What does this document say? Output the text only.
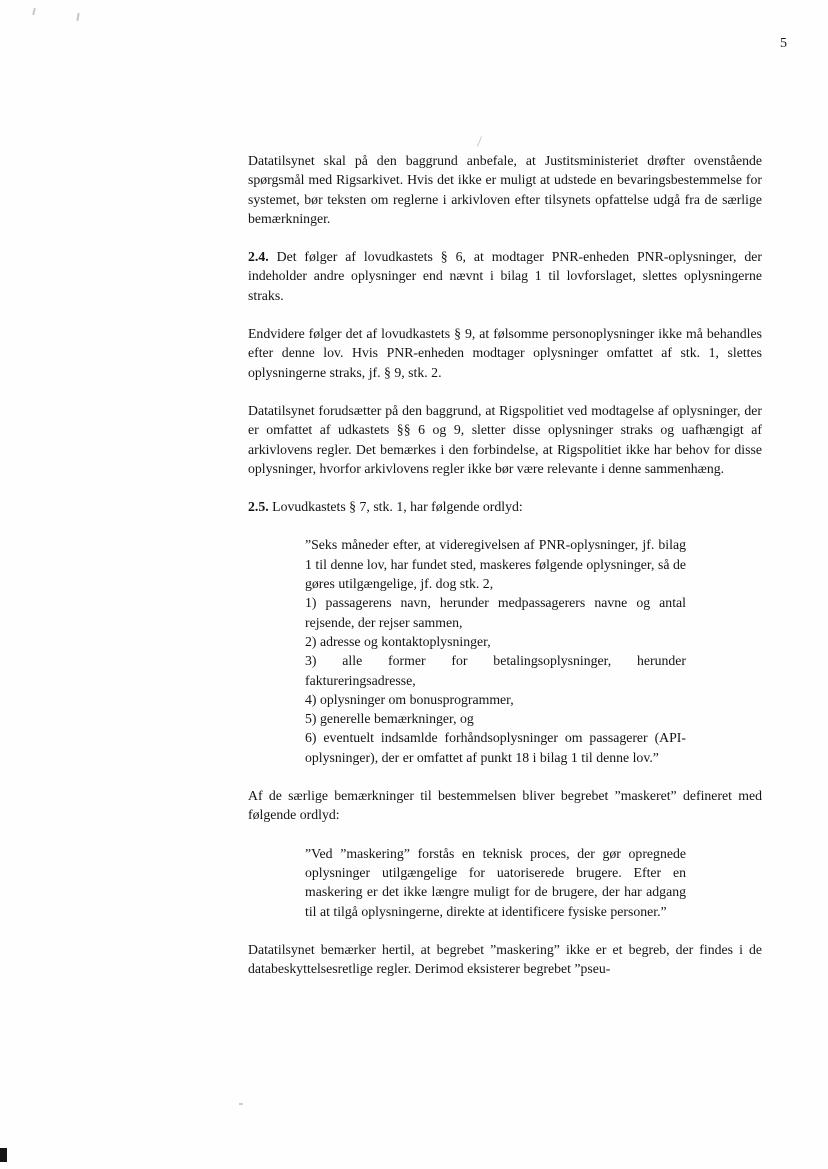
5

Datatilsynet skal på den baggrund anbefale, at Justitsministeriet drøfter ovenstående spørgsmål med Rigsarkivet. Hvis det ikke er muligt at udstede en bevaringsbestemmelse for systemet, bør teksten om reglerne i arkivloven efter tilsynets opfattelse udgå fra de særlige bemærkninger.

2.4. Det følger af lovudkastets § 6, at modtager PNR-enheden PNR-oplysninger, der indeholder andre oplysninger end nævnt i bilag 1 til lovforslaget, slettes oplysningerne straks.

Endvidere følger det af lovudkastets § 9, at følsomme personoplysninger ikke må behandles efter denne lov. Hvis PNR-enheden modtager oplysninger omfattet af stk. 1, slettes oplysningerne straks, jf. § 9, stk. 2.

Datatilsynet forudsætter på den baggrund, at Rigspolitiet ved modtagelse af oplysninger, der er omfattet af udkastets §§ 6 og 9, sletter disse oplysninger straks og uafhængigt af arkivlovens regler. Det bemærkes i den forbindelse, at Rigspolitiet ikke har behov for disse oplysninger, hvorfor arkivlovens regler ikke bør være relevante i denne sammenhæng.

2.5. Lovudkastets § 7, stk. 1, har følgende ordlyd:

”Seks måneder efter, at videregivelsen af PNR-oplysninger, jf. bilag 1 til denne lov, har fundet sted, maskeres følgende oplysninger, så de gøres utilgængelige, jf. dog stk. 2,

1) passagerens navn, herunder medpassagerers navne og antal rejsende, der rejser sammen,

2) adresse og kontaktoplysninger,

3) alle former for betalingsoplysninger, herunder faktureringsadresse,

4) oplysninger om bonusprogrammer,

5) generelle bemærkninger, og

6) eventuelt indsamlde forhåndsoplysninger om passagerer (API-oplysninger), der er omfattet af punkt 18 i bilag 1 til denne lov.”

Af de særlige bemærkninger til bestemmelsen bliver begrebet ”maskeret” defineret med følgende ordlyd:

”Ved ”maskering” forstås en teknisk proces, der gør opregnede oplysninger utilgængelige for uatoriserede brugere. Efter en maskering er det ikke længre muligt for de brugere, der har adgang til at tilgå oplysningerne, direkte at identificere fysiske personer.”

Datatilsynet bemærker hertil, at begrebet ”maskering” ikke er et begreb, der findes i de databeskyttelsesretlige regler. Derimod eksisterer begrebet ”pseu-
